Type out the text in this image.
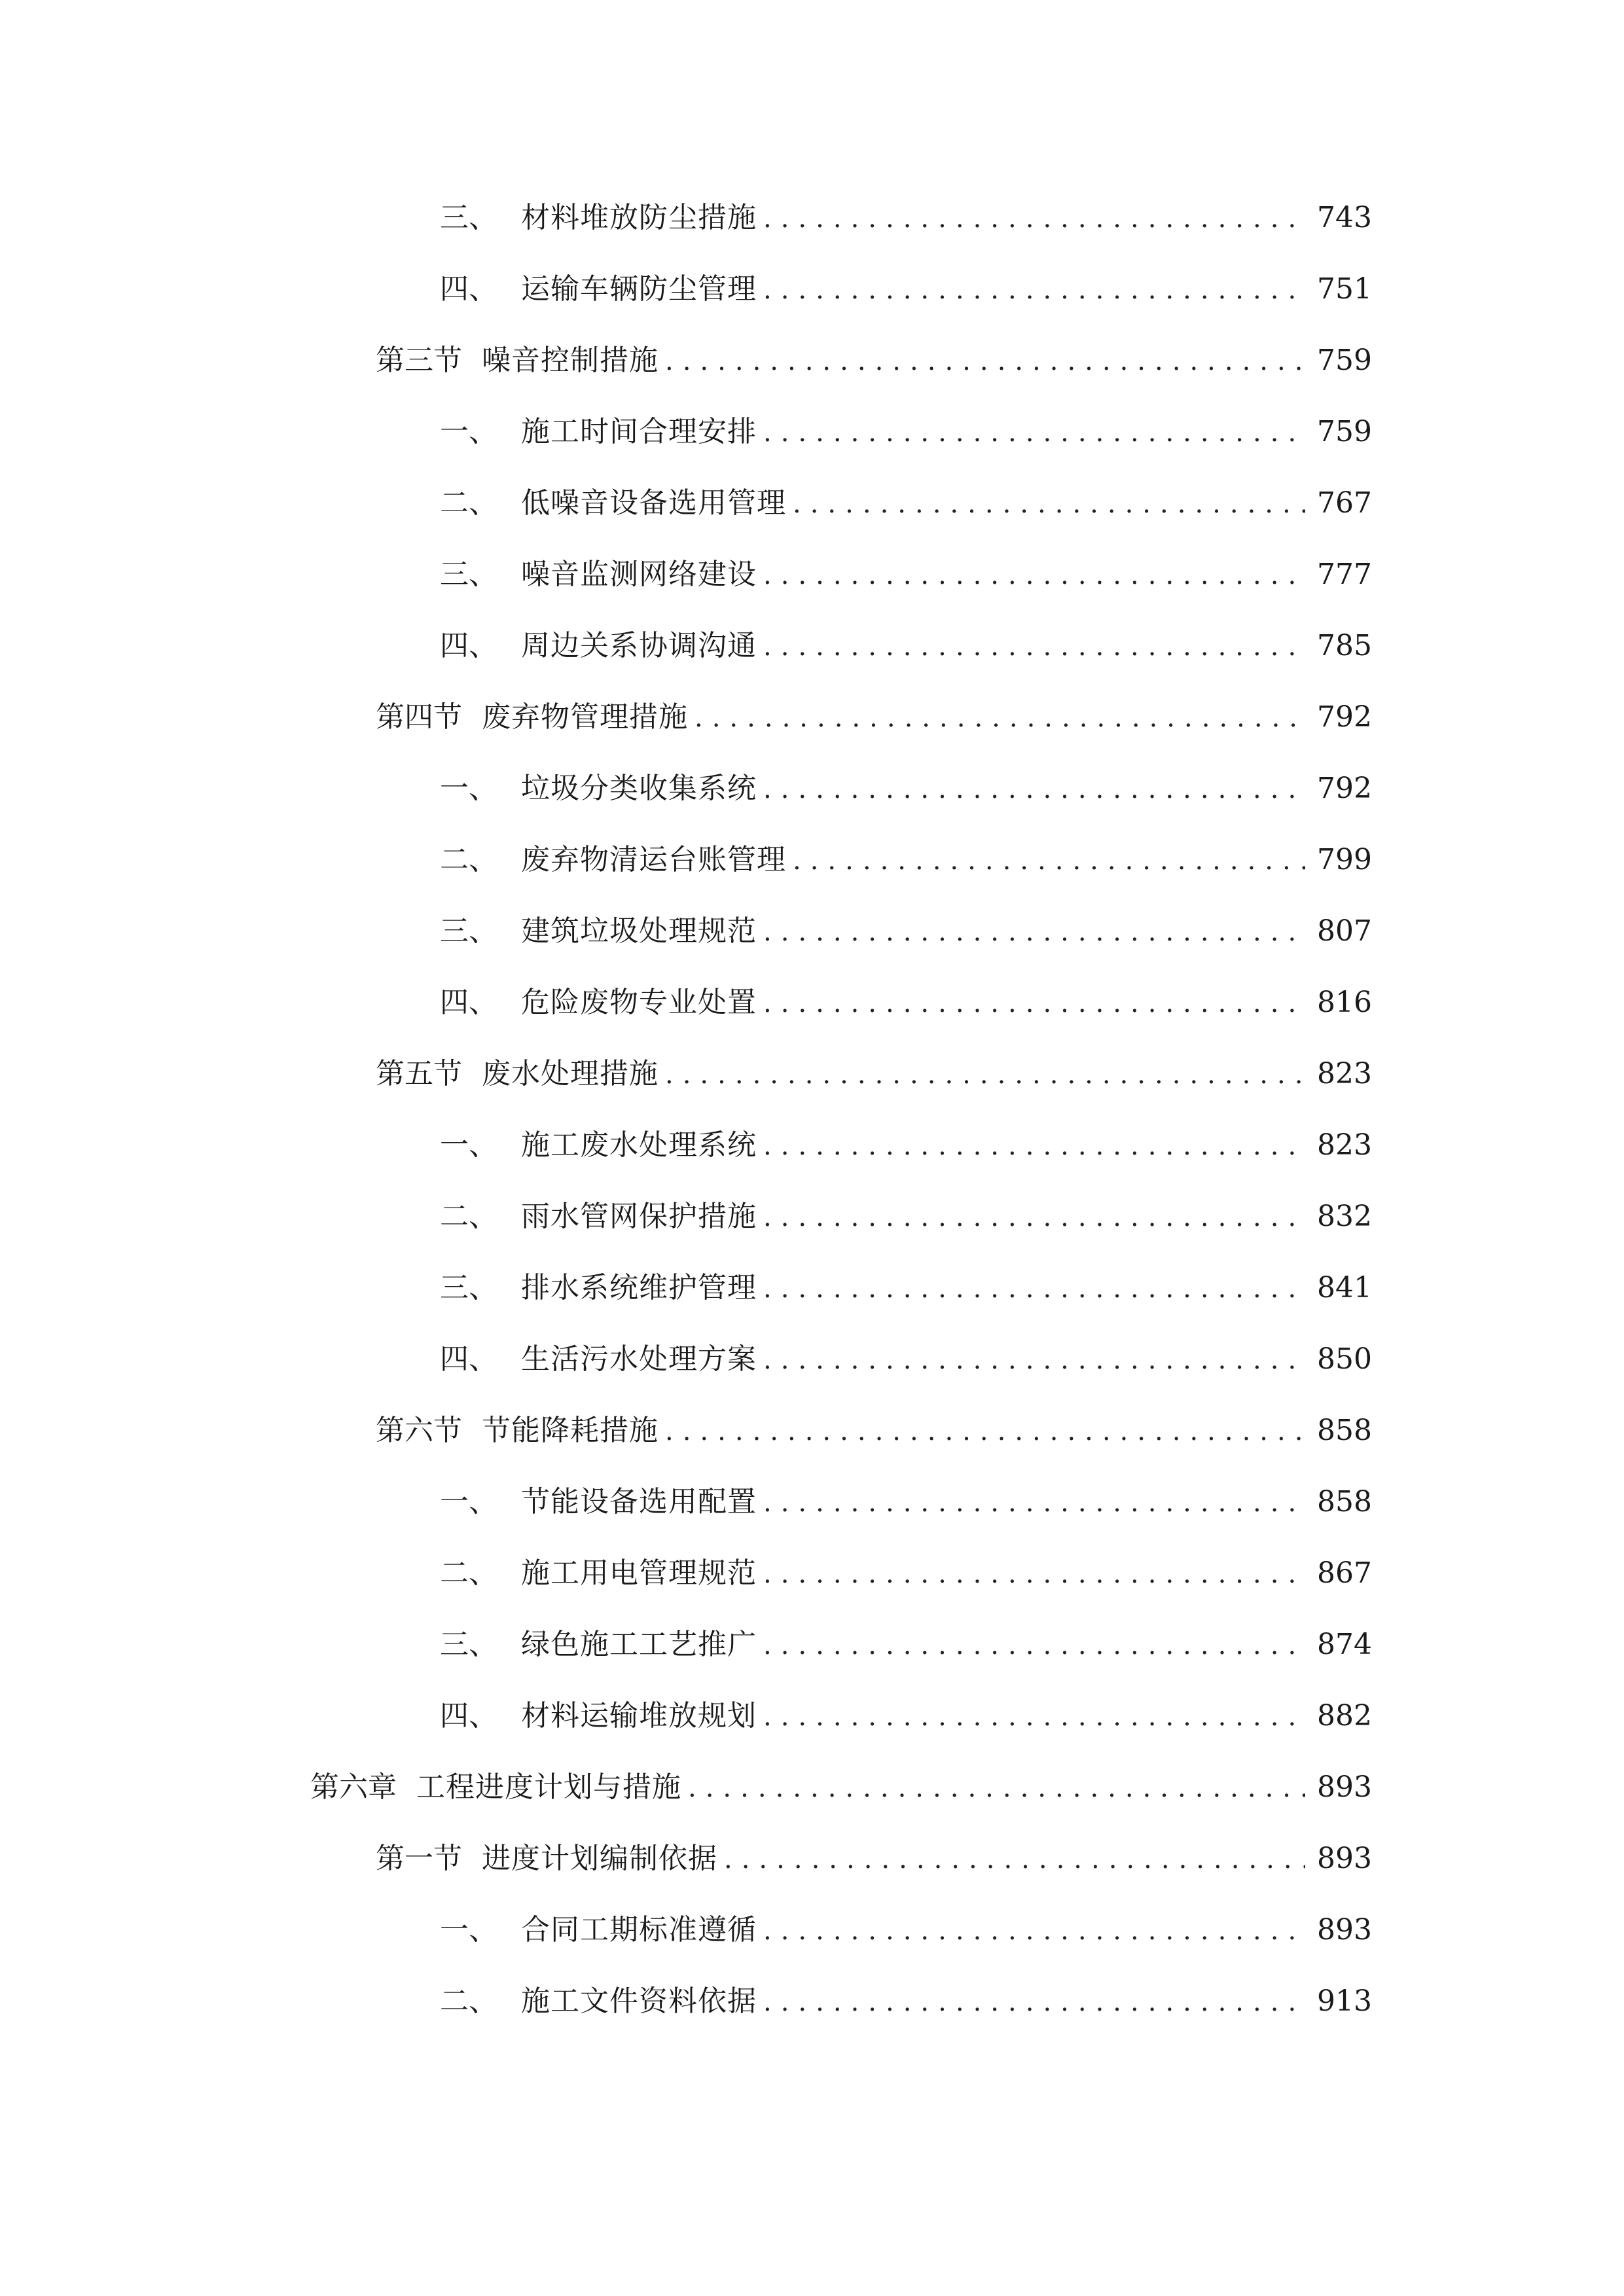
三、 材料堆放防尘措施 .....	743
四、 运输车辆防尘管理 .....	751
第三节 噪音控制措施 .....	759
一、 施工时间合理安排 .....	759
二、 低噪音设备选用管理 .....	767
三、 噪音监测网络建设 .....	777
四、 周边关系协调沟通 .....	785
第四节 废弃物管理措施 .....	792
一、 垃圾分类收集系统 .....	792
二、 废弃物清运台账管理 .....	799
三、 建筑垃圾处理规范 .....	807
四、 危险废物专业处置 .....	816
第五节 废水处理措施 .....	823
一、 施工废水处理系统 .....	823
二、 雨水管网保护措施 .....	832
三、 排水系统维护管理 .....	841
四、 生活污水处理方案 .....	850
第六节 节能降耗措施 .....	858
一、 节能设备选用配置 .....	858
二、 施工用电管理规范 .....	867
三、 绿色施工工艺推广 .....	874
四、 材料运输堆放规划 .....	882
第六章 工程进度计划与措施 .....	893
第一节 进度计划编制依据 .....	893
一、 合同工期标准遵循 .....	893
二、 施工文件资料依据 .....	913
